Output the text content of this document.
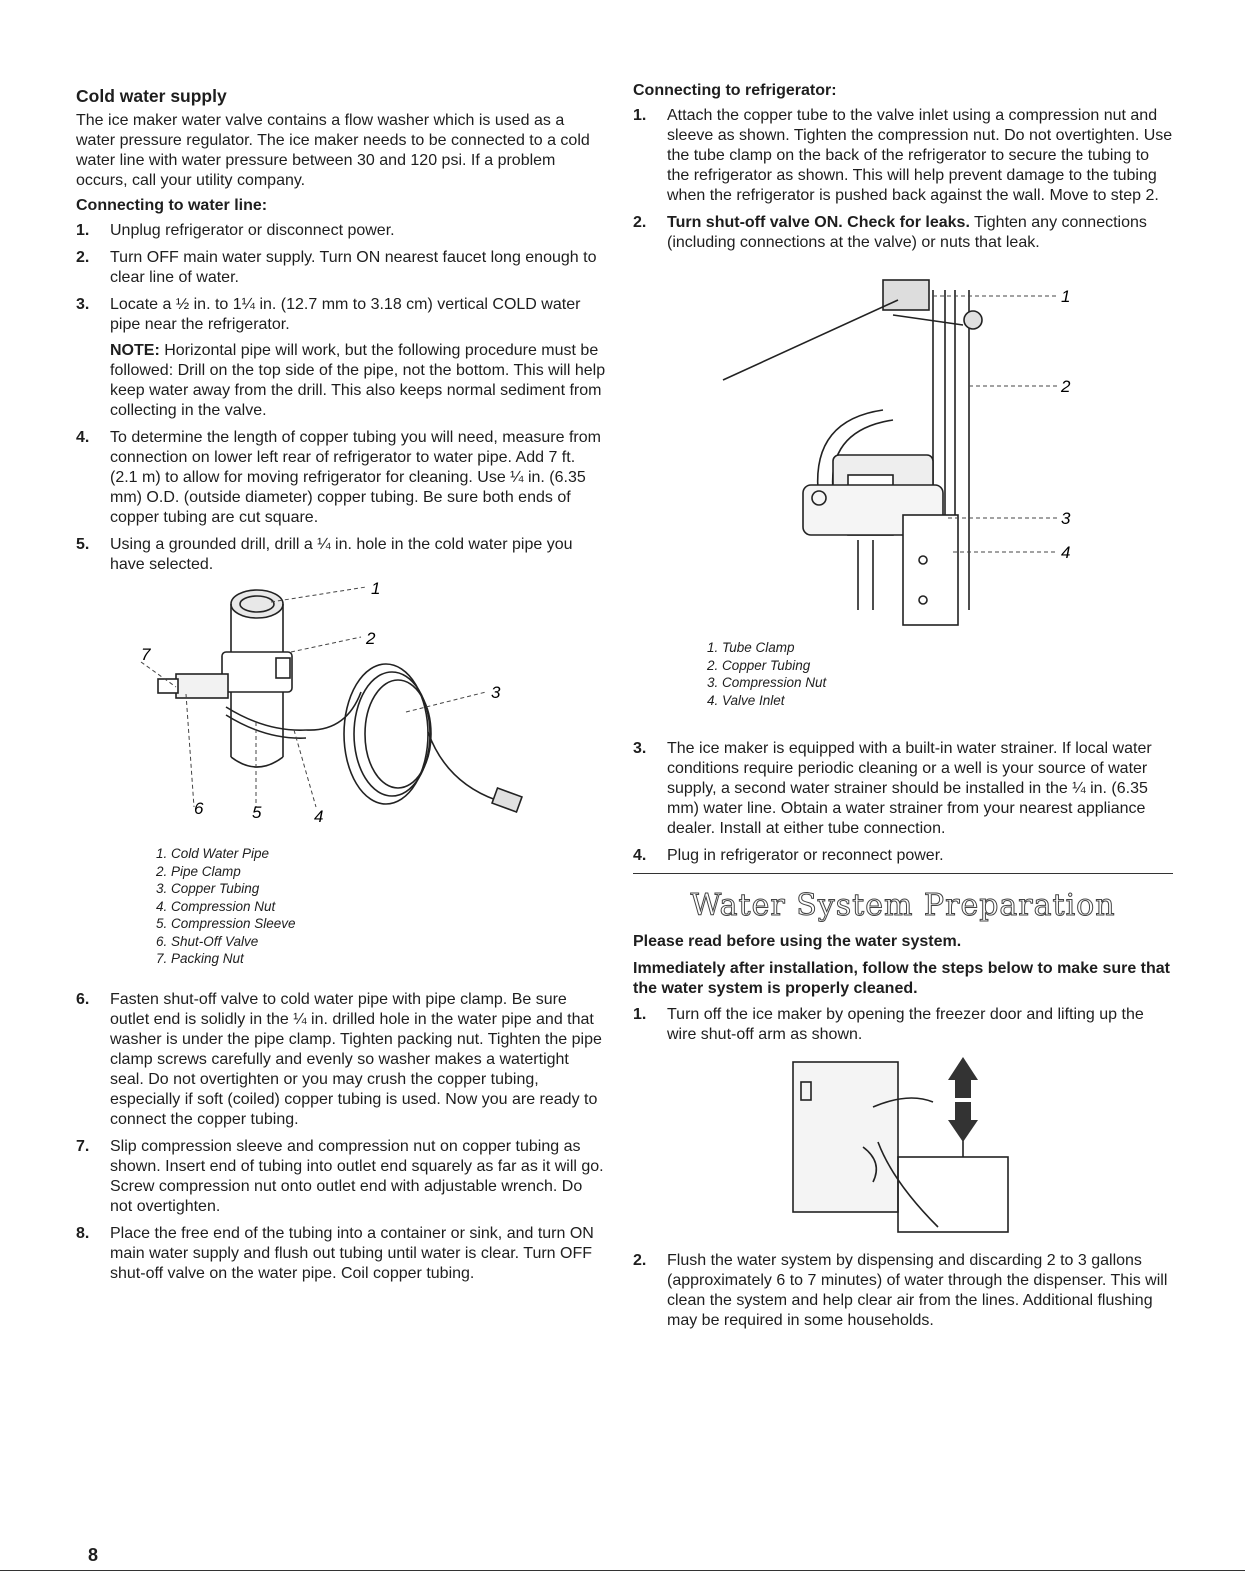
Cold water supply

The ice maker water valve contains a flow washer which is used as a water pressure regulator. The ice maker needs to be connected to a cold water line with water pressure between 30 and 120 psi. If a problem occurs, call your utility company.

Connecting to water line:
1. Unplug refrigerator or disconnect power.
2. Turn OFF main water supply. Turn ON nearest faucet long enough to clear line of water.
3. Locate a ½ in. to 1¼ in. (12.7 mm to 3.18 cm) vertical COLD water pipe near the refrigerator.
NOTE: Horizontal pipe will work, but the following procedure must be followed: Drill on the top side of the pipe, not the bottom. This will help keep water away from the drill. This also keeps normal sediment from collecting in the valve.
4. To determine the length of copper tubing you will need, measure from connection on lower left rear of refrigerator to water pipe. Add 7 ft. (2.1 m) to allow for moving refrigerator for cleaning. Use ¼ in. (6.35 mm) O.D. (outside diameter) copper tubing. Be sure both ends of copper tubing are cut square.
5. Using a grounded drill, drill a ¼ in. hole in the cold water pipe you have selected.
1
2
3
4
5
6
7
1. Cold Water Pipe
2. Pipe Clamp
3. Copper Tubing
4. Compression Nut
5. Compression Sleeve
6. Shut-Off Valve
7. Packing Nut
6. Fasten shut-off valve to cold water pipe with pipe clamp. Be sure outlet end is solidly in the ¼ in. drilled hole in the water pipe and that washer is under the pipe clamp. Tighten packing nut. Tighten the pipe clamp screws carefully and evenly so washer makes a watertight seal. Do not overtighten or you may crush the copper tubing, especially if soft (coiled) copper tubing is used. Now you are ready to connect the copper tubing.
7. Slip compression sleeve and compression nut on copper tubing as shown. Insert end of tubing into outlet end squarely as far as it will go. Screw compression nut onto outlet end with adjustable wrench. Do not overtighten.
8. Place the free end of the tubing into a container or sink, and turn ON main water supply and flush out tubing until water is clear. Turn OFF shut-off valve on the water pipe. Coil copper tubing.
Connecting to refrigerator:
1. Attach the copper tube to the valve inlet using a compression nut and sleeve as shown. Tighten the compression nut. Do not overtighten. Use the tube clamp on the back of the refrigerator to secure the tubing to the refrigerator as shown. This will help prevent damage to the tubing when the refrigerator is pushed back against the wall. Move to step 2.
2. Turn shut-off valve ON. Check for leaks. Tighten any connections (including connections at the valve) or nuts that leak.
1
2
3
4
1. Tube Clamp
2. Copper Tubing
3. Compression Nut
4. Valve Inlet
3. The ice maker is equipped with a built-in water strainer. If local water conditions require periodic cleaning or a well is your source of water supply, a second water strainer should be installed in the ¼ in. (6.35 mm) water line. Obtain a water strainer from your nearest appliance dealer. Install at either tube connection.
4. Plug in refrigerator or reconnect power.
Water System Preparation
Please read before using the water system.
Immediately after installation, follow the steps below to make sure that the water system is properly cleaned.
1. Turn off the ice maker by opening the freezer door and lifting up the wire shut-off arm as shown.
2. Flush the water system by dispensing and discarding 2 to 3 gallons (approximately 6 to 7 minutes) of water through the dispenser. This will clean the system and help clear air from the lines. Additional flushing may be required in some households.
8
